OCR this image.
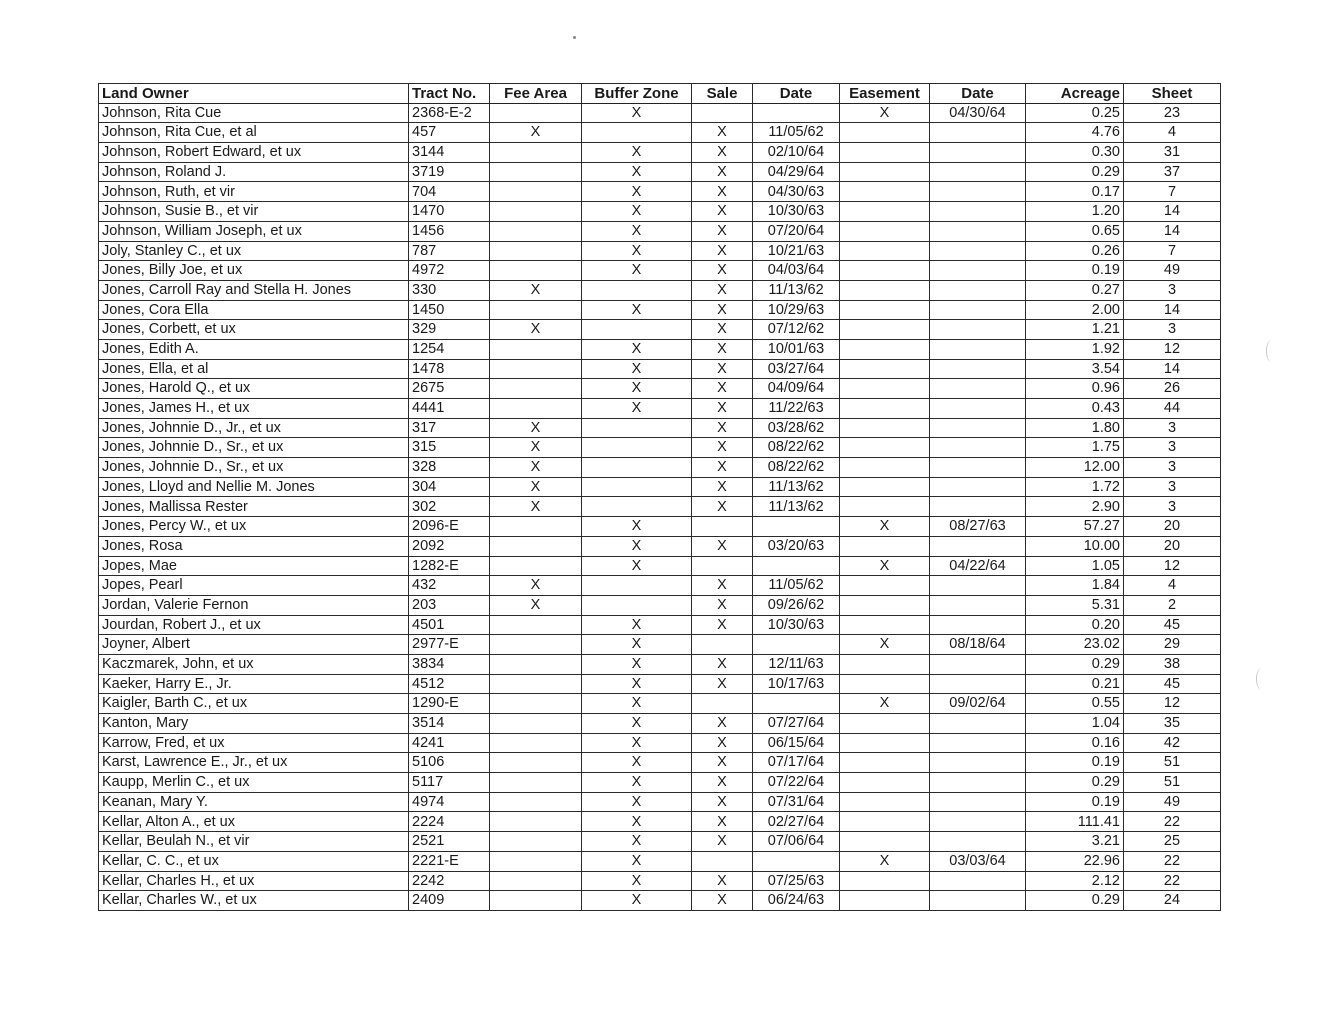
Land Owner	Tract No.	Fee Area	Buffer Zone	Sale	Date	Easement	Date	Acreage	Sheet
Johnson, Rita Cue	2368-E-2		X			X	04/30/64	0.25	23
Johnson, Rita Cue, et al	457	X		X	11/05/62			4.76	4
Johnson, Robert Edward, et ux	3144		X	X	02/10/64			0.30	31
Johnson, Roland J.	3719		X	X	04/29/64			0.29	37
Johnson, Ruth, et vir	704		X	X	04/30/63			0.17	7
Johnson, Susie B., et vir	1470		X	X	10/30/63			1.20	14
Johnson, William Joseph, et ux	1456		X	X	07/20/64			0.65	14
Joly, Stanley C., et ux	787		X	X	10/21/63			0.26	7
Jones, Billy Joe, et ux	4972		X	X	04/03/64			0.19	49
Jones, Carroll Ray and Stella H. Jones	330	X		X	11/13/62			0.27	3
Jones, Cora Ella	1450		X	X	10/29/63			2.00	14
Jones, Corbett, et ux	329	X		X	07/12/62			1.21	3
Jones, Edith A.	1254		X	X	10/01/63			1.92	12
Jones, Ella, et al	1478		X	X	03/27/64			3.54	14
Jones, Harold Q., et ux	2675		X	X	04/09/64			0.96	26
Jones, James H., et ux	4441		X	X	11/22/63			0.43	44
Jones, Johnnie D., Jr., et ux	317	X		X	03/28/62			1.80	3
Jones, Johnnie D., Sr., et ux	315	X		X	08/22/62			1.75	3
Jones, Johnnie D., Sr., et ux	328	X		X	08/22/62			12.00	3
Jones, Lloyd and Nellie M. Jones	304	X		X	11/13/62			1.72	3
Jones, Mallissa Rester	302	X		X	11/13/62			2.90	3
Jones, Percy W., et ux	2096-E		X			X	08/27/63	57.27	20
Jones, Rosa	2092		X	X	03/20/63			10.00	20
Jopes, Mae	1282-E		X			X	04/22/64	1.05	12
Jopes, Pearl	432	X		X	11/05/62			1.84	4
Jordan, Valerie Fernon	203	X		X	09/26/62			5.31	2
Jourdan, Robert J., et ux	4501		X	X	10/30/63			0.20	45
Joyner, Albert	2977-E		X			X	08/18/64	23.02	29
Kaczmarek, John, et ux	3834		X	X	12/11/63			0.29	38
Kaeker, Harry E., Jr.	4512		X	X	10/17/63			0.21	45
Kaigler, Barth C., et ux	1290-E		X			X	09/02/64	0.55	12
Kanton, Mary	3514		X	X	07/27/64			1.04	35
Karrow, Fred, et ux	4241		X	X	06/15/64			0.16	42
Karst, Lawrence E., Jr., et ux	5106		X	X	07/17/64			0.19	51
Kaupp, Merlin C., et ux	5117		X	X	07/22/64			0.29	51
Keanan, Mary Y.	4974		X	X	07/31/64			0.19	49
Kellar, Alton A., et ux	2224		X	X	02/27/64			111.41	22
Kellar, Beulah N., et vir	2521		X	X	07/06/64			3.21	25
Kellar, C. C., et ux	2221-E		X			X	03/03/64	22.96	22
Kellar, Charles H., et ux	2242		X	X	07/25/63			2.12	22
Kellar, Charles W., et ux	2409		X	X	06/24/63			0.29	24
